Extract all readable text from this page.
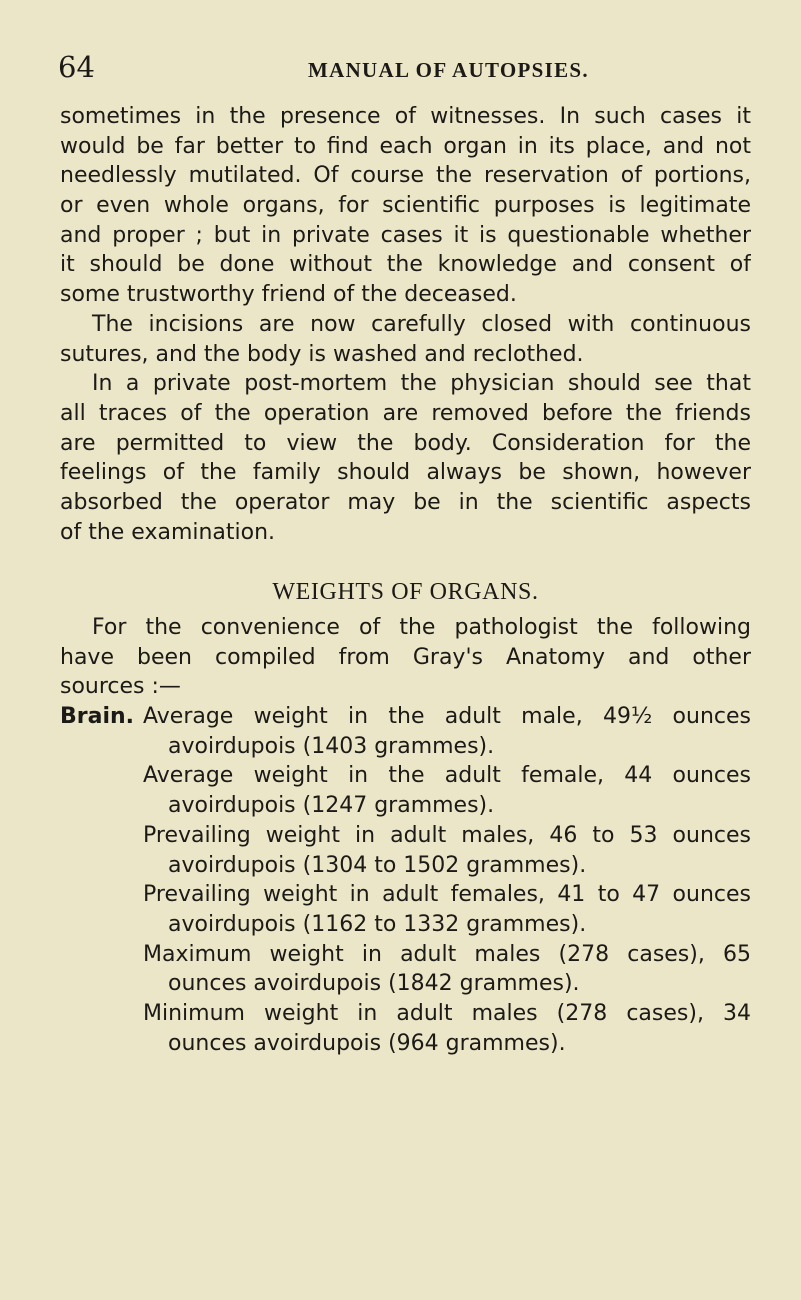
64	MANUAL OF AUTOPSIES.
sometimes in the presence of witnesses. In such cases it
would be far better to find each organ in its place, and not
needlessly mutilated. Of course the reservation of portions,
or even whole organs, for scientific purposes is legitimate
and proper ; but in private cases it is questionable whether
it should be done without the knowledge and consent of
some trustworthy friend of the deceased.
The incisions are now carefully closed with continuous
sutures, and the body is washed and reclothed.
In a private post-mortem the physician should see that
all traces of the operation are removed before the friends
are permitted to view the body. Consideration for the
feelings of the family should always be shown, however
absorbed the operator may be in the scientific aspects
of the examination.
WEIGHTS OF ORGANS.
For the convenience of the pathologist the following
have been compiled from Gray's Anatomy and other
sources :—
Brain. Average weight in the adult male, 49½ ounces
avoirdupois (1403 grammes).
Average weight in the adult female, 44 ounces
avoirdupois (1247 grammes).
Prevailing weight in adult males, 46 to 53 ounces
avoirdupois (1304 to 1502 grammes).
Prevailing weight in adult females, 41 to 47 ounces
avoirdupois (1162 to 1332 grammes).
Maximum weight in adult males (278 cases), 65
ounces avoirdupois (1842 grammes).
Minimum weight in adult males (278 cases), 34
ounces avoirdupois (964 grammes).
